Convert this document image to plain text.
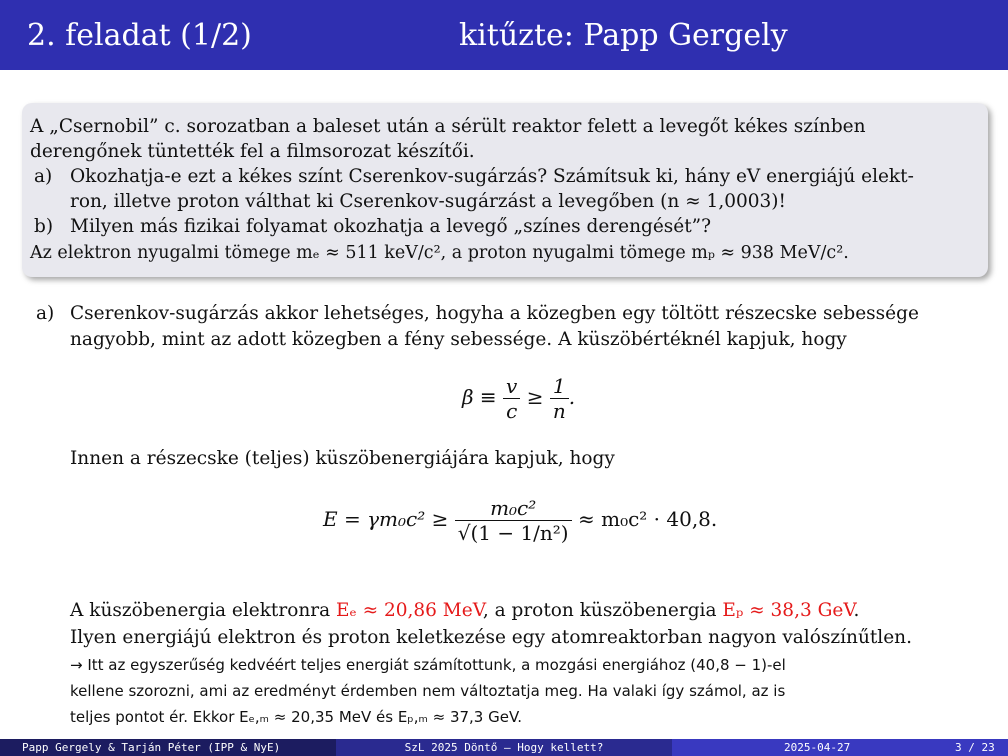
2. feladat (1/2)	kitűzte: Papp Gergely
A „Csernobil” c. sorozatban a baleset után a sérült reaktor felett a levegőt kékes színben
derengőnek tüntették fel a filmsorozat készítői.
a) Okozhatja-e ezt a kékes színt Cserenkov-sugárzás? Számítsuk ki, hány eV energiájú elekt-
ron, illetve proton válthat ki Cserenkov-sugárzást a levegőben (n ≈ 1,0003)!
b) Milyen más fizikai folyamat okozhatja a levegő „színes derengését”?
Az elektron nyugalmi tömege mₑ ≈ 511 keV/c², a proton nyugalmi tömege mₚ ≈ 938 MeV/c².
a) Cserenkov-sugárzás akkor lehetséges, hogyha a közegben egy töltött részecske sebessége
nagyobb, mint az adott közegben a fény sebessége. A küszöbértéknél kapjuk, hogy
$\beta \equiv \frac{v}{c} \ge \frac{1}{n}$ .
Innen a részecske (teljes) küszöbenergiájára kapjuk, hogy
$E = \gamma m_0c^2 \ge \frac{\text{m₀c²}}{\text{√(1 − 1/n²)}} \approx m_0c^2 \cdot 40,8$.
A küszöbenergia elektronra Eₑ ≈ 20,86 MeV, a proton küszöbenergia Eₚ ≈ 38,3 GeV.
Ilyen energiájú elektron és proton keletkezése egy atomreaktorban nagyon valószínűtlen.
→ Itt az egyszerűség kedvéért teljes energiát számítottunk, a mozgási energiához (40,8 − 1)-el
kellene szorozni, ami az eredményt érdemben nem változtatja meg. Ha valaki így számol, az is
teljes pontot ér. Ekkor Eₑ,ₘ ≈ 20,35 MeV és Eₚ,ₘ ≈ 37,3 GeV.
Papp Gergely & Tarján Péter (IPP & NyE)	SzL 2025 Döntő – Hogy kellett?	2025-04-27	3 / 23
